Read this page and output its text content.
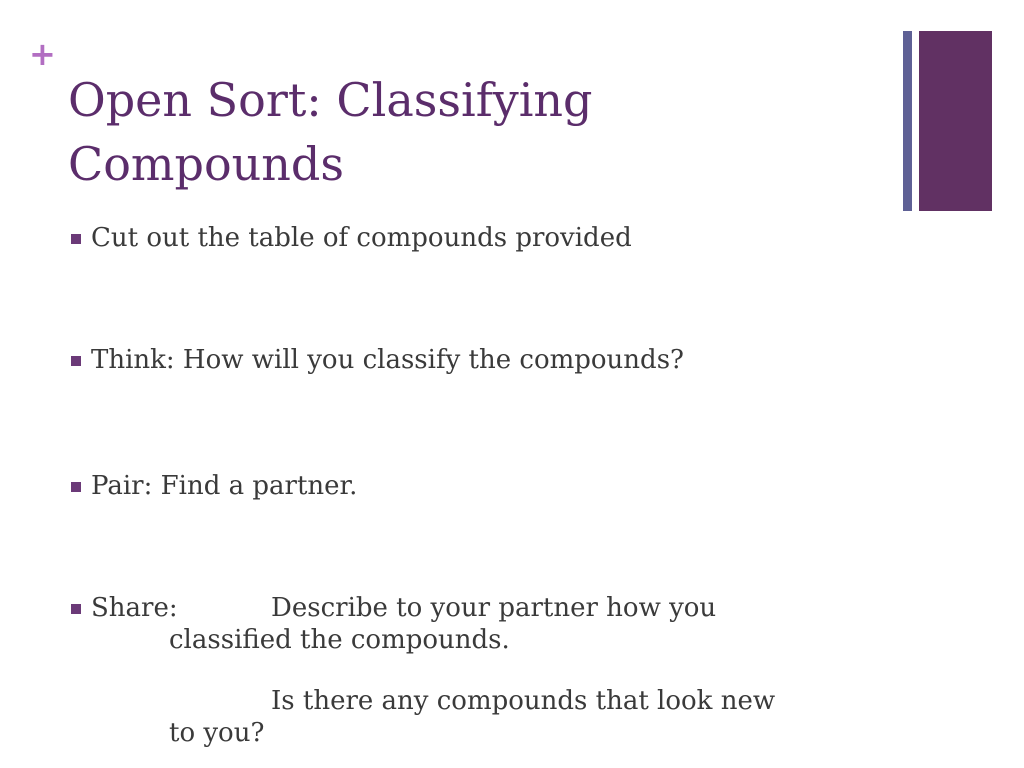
+
Open Sort: Classifying
Compounds
Cut out the table of compounds provided
Think: How will you classify the compounds?
Pair: Find a partner.
Share:	Describe to your partner how you
classified the compounds.
Is there any compounds that look new
to you?
